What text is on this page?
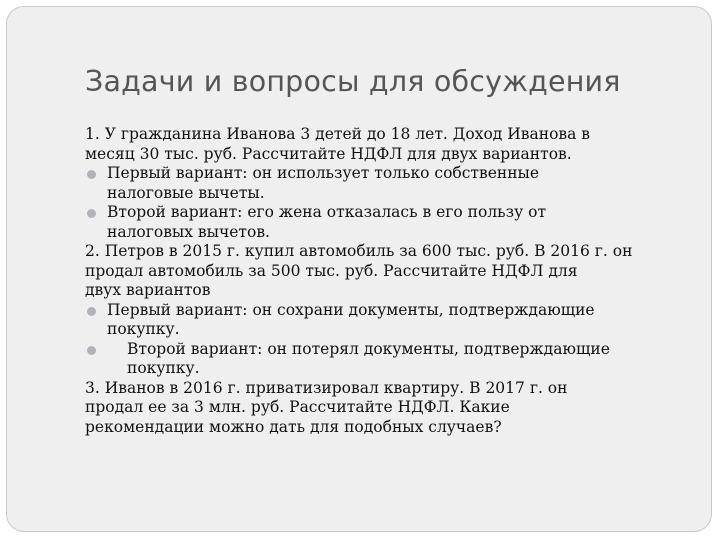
Задачи и вопросы для обсуждения
1. У гражданина Иванова 3 детей до 18 лет. Доход Иванова в
месяц 30 тыс. руб. Рассчитайте НДФЛ для двух вариантов.
Первый вариант: он использует только собственные
налоговые вычеты.
Второй вариант: его жена отказалась в его пользу от
налоговых вычетов.
2. Петров в 2015 г. купил автомобиль за 600 тыс. руб. В 2016 г. он
продал автомобиль за 500 тыс. руб. Рассчитайте НДФЛ для
двух вариантов
Первый вариант: он сохрани документы, подтверждающие
покупку.
Второй вариант: он потерял документы, подтверждающие
покупку.
3. Иванов в 2016 г. приватизировал квартиру. В 2017 г. он
продал ее за 3 млн. руб. Рассчитайте НДФЛ. Какие
рекомендации можно дать для подобных случаев?
